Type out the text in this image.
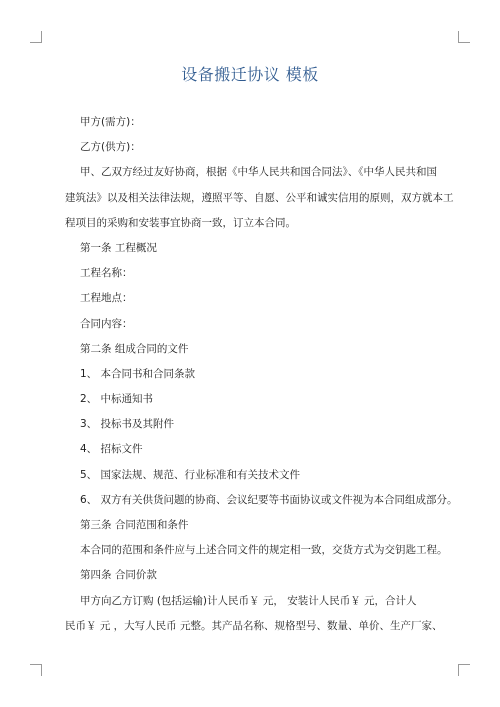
设备搬迁协议 模板
甲方(需方)：
乙方(供方)：
甲、乙双方经过友好协商，根据《中华人民共和国合同法》、《中华人民共和国
建筑法》以及相关法律法规，遵照平等、自愿、公平和诚实信用的原则，双方就本工
程项目的采购和安装事宜协商一致，订立本合同。
第一条 工程概况
工程名称：
工程地点：
合同内容：
第二条 组成合同的文件
1、 本合同书和合同条款
2、 中标通知书
3、 投标书及其附件
4、 招标文件
5、 国家法规、规范、行业标准和有关技术文件
6、 双方有关供货问题的协商、会议纪要等书面协议或文件视为本合同组成部分。
第三条 合同范围和条件
本合同的范围和条件应与上述合同文件的规定相一致，交货方式为交钥匙工程。
第四条 合同价款
甲方向乙方订购 (包括运输)计人民币￥ 元， 安装计人民币￥ 元，合计人
民币￥ 元 ，大写人民币 元整。其产品名称、规格型号、数量、单价、生产厂家、
